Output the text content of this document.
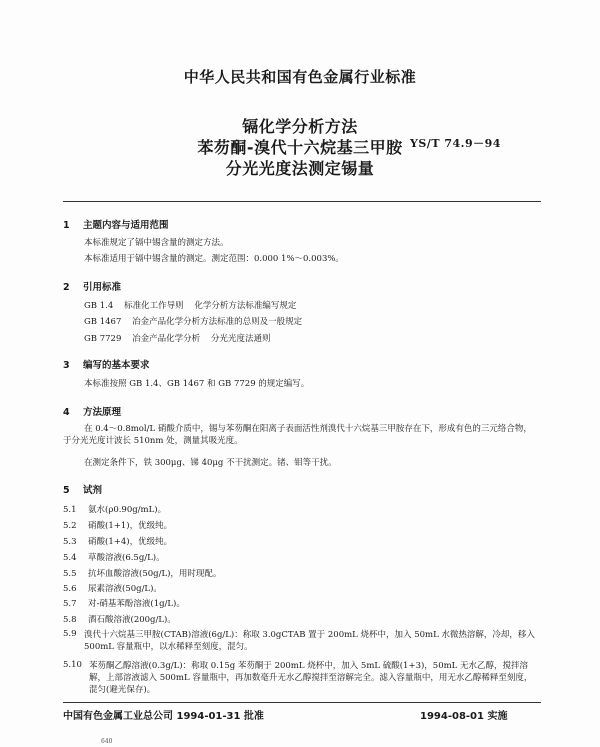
中华人民共和国有色金属行业标准
镉化学分析方法
苯芴酮-溴代十六烷基三甲胺 YS/T 74.9－94
分光光度法测定锡量
1 主题内容与适用范围
本标准规定了镉中锡含量的测定方法。
本标准适用于镉中锡含量的测定。测定范围：0.000 1%～0.003%。
2 引用标准
GB 1.4    标准化工作导则    化学分析方法标准编写规定
GB 1467    冶金产品化学分析方法标准的总则及一般规定
GB 7729    冶金产品化学分析    分光光度法通则
3 编写的基本要求
本标准按照 GB 1.4、GB 1467 和 GB 7729 的规定编写。
4 方法原理
在 0.4～0.8mol/L 硝酸介质中，锡与苯芴酮在阳离子表面活性剂溴代十六烷基三甲胺存在下，形成有色的三元络合物，于分光光度计波长 510nm 处，测量其吸光度。
在测定条件下，铁 300μg、锑 40μg 不干扰测定。锗、钼等干扰。
5 试剂
5.1 氨水(ρ0.90g/mL)。
5.2 硝酸(1+1)，优级纯。
5.3 硝酸(1+4)，优级纯。
5.4 草酸溶液(6.5g/L)。
5.5 抗坏血酸溶液(50g/L)，用时现配。
5.6 尿素溶液(50g/L)。
5.7 对-硝基苯酚溶液(1g/L)。
5.8 酒石酸溶液(200g/L)。
5.9 溴代十六烷基三甲胺(CTAB)溶液(6g/L)：称取 3.0gCTAB 置于 200mL 烧杯中，加入 50mL 水微热溶解，冷却，移入 500mL 容量瓶中，以水稀释至刻度，混匀。
5.10 苯芴酮乙醇溶液(0.3g/L)：称取 0.15g 苯芴酮于 200mL 烧杯中，加入 5mL 硫酸(1+3)，50mL 无水乙醇，搅拌溶解，上部溶液滤入 500mL 容量瓶中，再加数毫升无水乙醇搅拌至溶解完全。滤入容量瓶中，用无水乙醇稀释至刻度，混匀(避光保存)。
中国有色金属工业总公司 1994-01-31 批准	1994-08-01 实施
640
